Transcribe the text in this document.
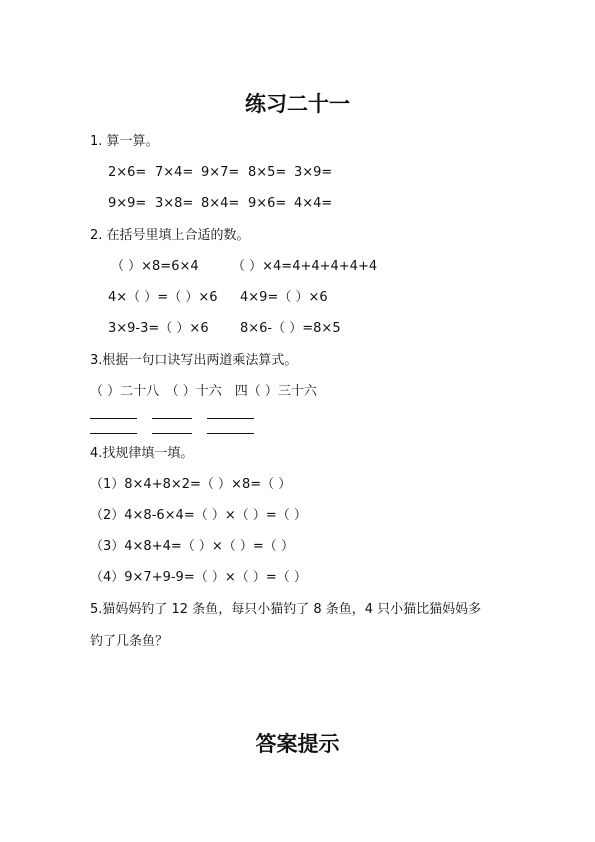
练习二十一
1. 算一算。
2×6= 7×4= 9×7= 8×5= 3×9=
9×9= 3×8= 8×4= 9×6= 4×4=
2. 在括号里填上合适的数。
（ ）×8=6×4	（ ）×4=4+4+4+4+4
4×（ ）=（ ）×6 4×9=（ ）×6
3×9-3=（ ）×6 8×6-（ ）=8×5
3.根据一句口诀写出两道乘法算式。
（ ）二十八　（ ）十六　四（ ）三十六
4.找规律填一填。
（1）8×4+8×2=（ ）×8=（ ）
（2）4×8-6×4=（ ）×（ ）=（ ）
（3）4×8+4=（ ）×（ ）=（ ）
（4）9×7+9-9=（ ）×（ ）=（ ）
5.猫妈妈钓了 12 条鱼，每只小猫钓了 8 条鱼，4 只小猫比猫妈妈多
钓了几条鱼？
答案提示
